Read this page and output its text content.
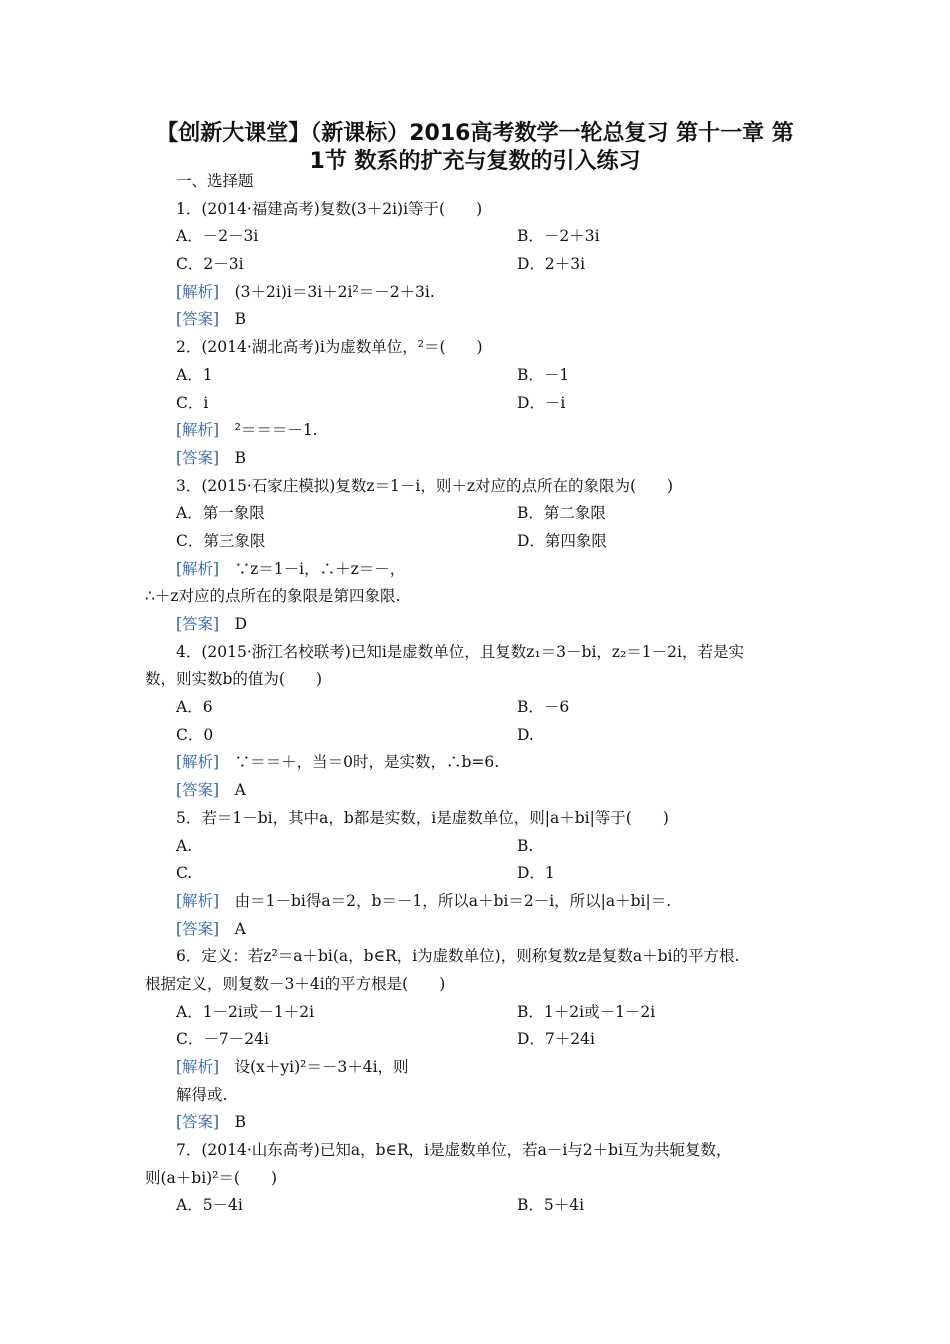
【创新大课堂】（新课标）2016高考数学一轮总复习 第十一章 第
1节 数系的扩充与复数的引入练习
一、选择题
1．(2014·福建高考)复数(3＋2i)i等于(　　)
A．－2－3i	B．－2＋3i
C．2－3i	D．2＋3i
[解析]　(3＋2i)i＝3i＋2i²＝－2＋3i.
[答案]　B
2．(2014·湖北高考)i为虚数单位，²＝(　　)
A．1	B．－1
C．i	D．－i
[解析]　²＝＝＝－1.
[答案]　B
3．(2015·石家庄模拟)复数z＝1－i，则＋z对应的点所在的象限为(　　)
A．第一象限	B．第二象限
C．第三象限	D．第四象限
[解析]　∵z＝1－i，∴＋z＝－，
∴＋z对应的点所在的象限是第四象限.
[答案]　D
4．(2015·浙江名校联考)已知i是虚数单位，且复数z₁＝3－bi，z₂＝1－2i，若是实
数，则实数b的值为(　　)
A．6	B．－6
C．0	D.
[解析]　∵＝＝＋，当＝0时，是实数，∴b=6.
[答案]　A
5．若＝1－bi，其中a，b都是实数，i是虚数单位，则|a＋bi|等于(　　)
A.	B.
C.	D．1
[解析]　由＝1－bi得a＝2，b＝－1，所以a＋bi＝2－i，所以|a＋bi|＝.
[答案]　A
6．定义：若z²＝a＋bi(a，b∈R，i为虚数单位)，则称复数z是复数a＋bi的平方根.
根据定义，则复数－3＋4i的平方根是(　　)
A．1－2i或－1＋2i	B．1＋2i或－1－2i
C．－7－24i	D．7＋24i
[解析]　设(x＋yi)²＝－3＋4i，则
解得或.
[答案]　B
7．(2014·山东高考)已知a，b∈R，i是虚数单位，若a－i与2＋bi互为共轭复数，
则(a＋bi)²＝(　　)
A．5－4i	B．5＋4i
